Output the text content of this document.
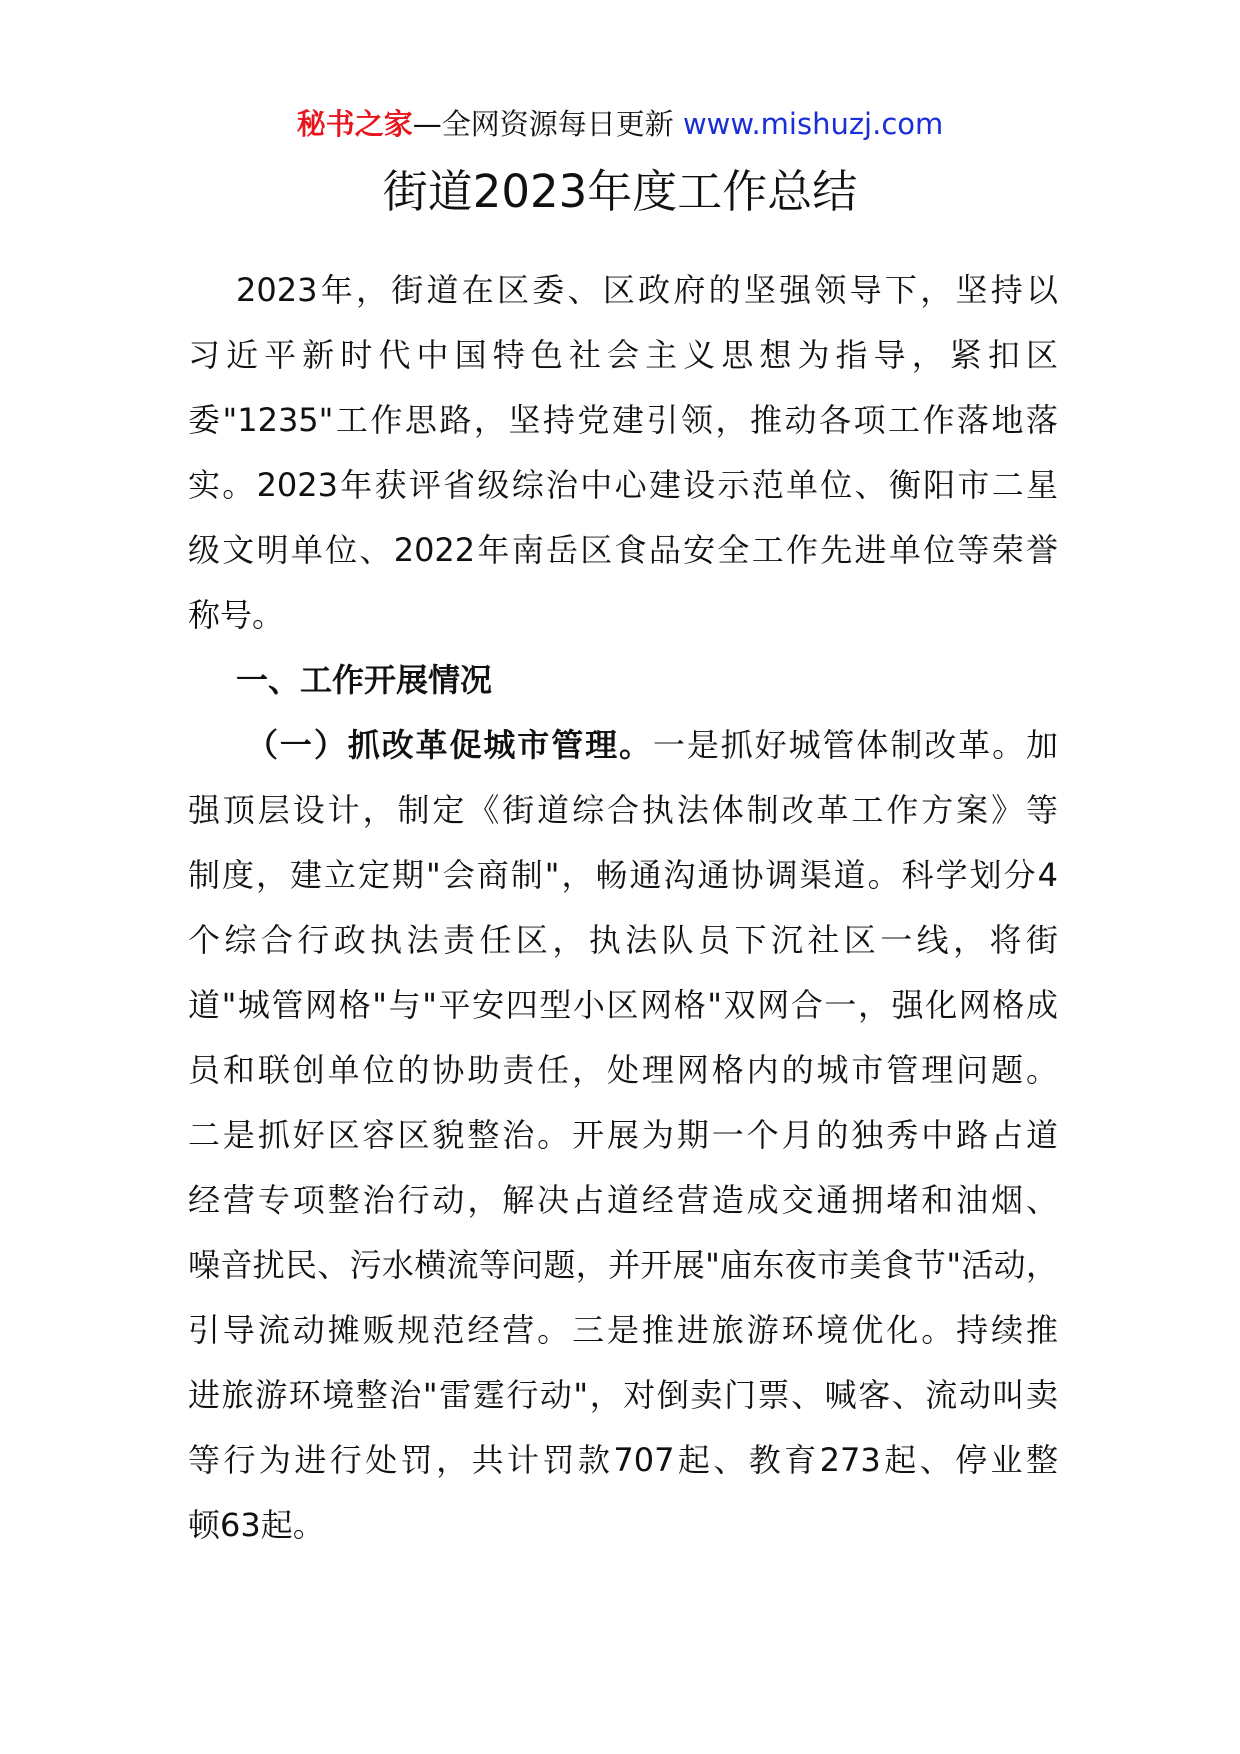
秘书之家—全网资源每日更新 www.mishuzj.com
街道2023年度工作总结
2023年，街道在区委、区政府的坚强领导下，坚持以
习近平新时代中国特色社会主义思想为指导，紧扣区
委"1235"工作思路，坚持党建引领，推动各项工作落地落
实。2023年获评省级综治中心建设示范单位、衡阳市二星
级文明单位、2022年南岳区食品安全工作先进单位等荣誉
称号。
一、工作开展情况
（一）抓改革促城市管理。一是抓好城管体制改革。加
强顶层设计，制定《街道综合执法体制改革工作方案》等
制度，建立定期"会商制"，畅通沟通协调渠道。科学划分4
个综合行政执法责任区，执法队员下沉社区一线，将街
道"城管网格"与"平安四型小区网格"双网合一，强化网格成
员和联创单位的协助责任，处理网格内的城市管理问题。
二是抓好区容区貌整治。开展为期一个月的独秀中路占道
经营专项整治行动，解决占道经营造成交通拥堵和油烟、
噪音扰民、污水横流等问题，并开展"庙东夜市美食节"活动，
引导流动摊贩规范经营。三是推进旅游环境优化。持续推
进旅游环境整治"雷霆行动"，对倒卖门票、喊客、流动叫卖
等行为进行处罚，共计罚款707起、教育273起、停业整
顿63起。
